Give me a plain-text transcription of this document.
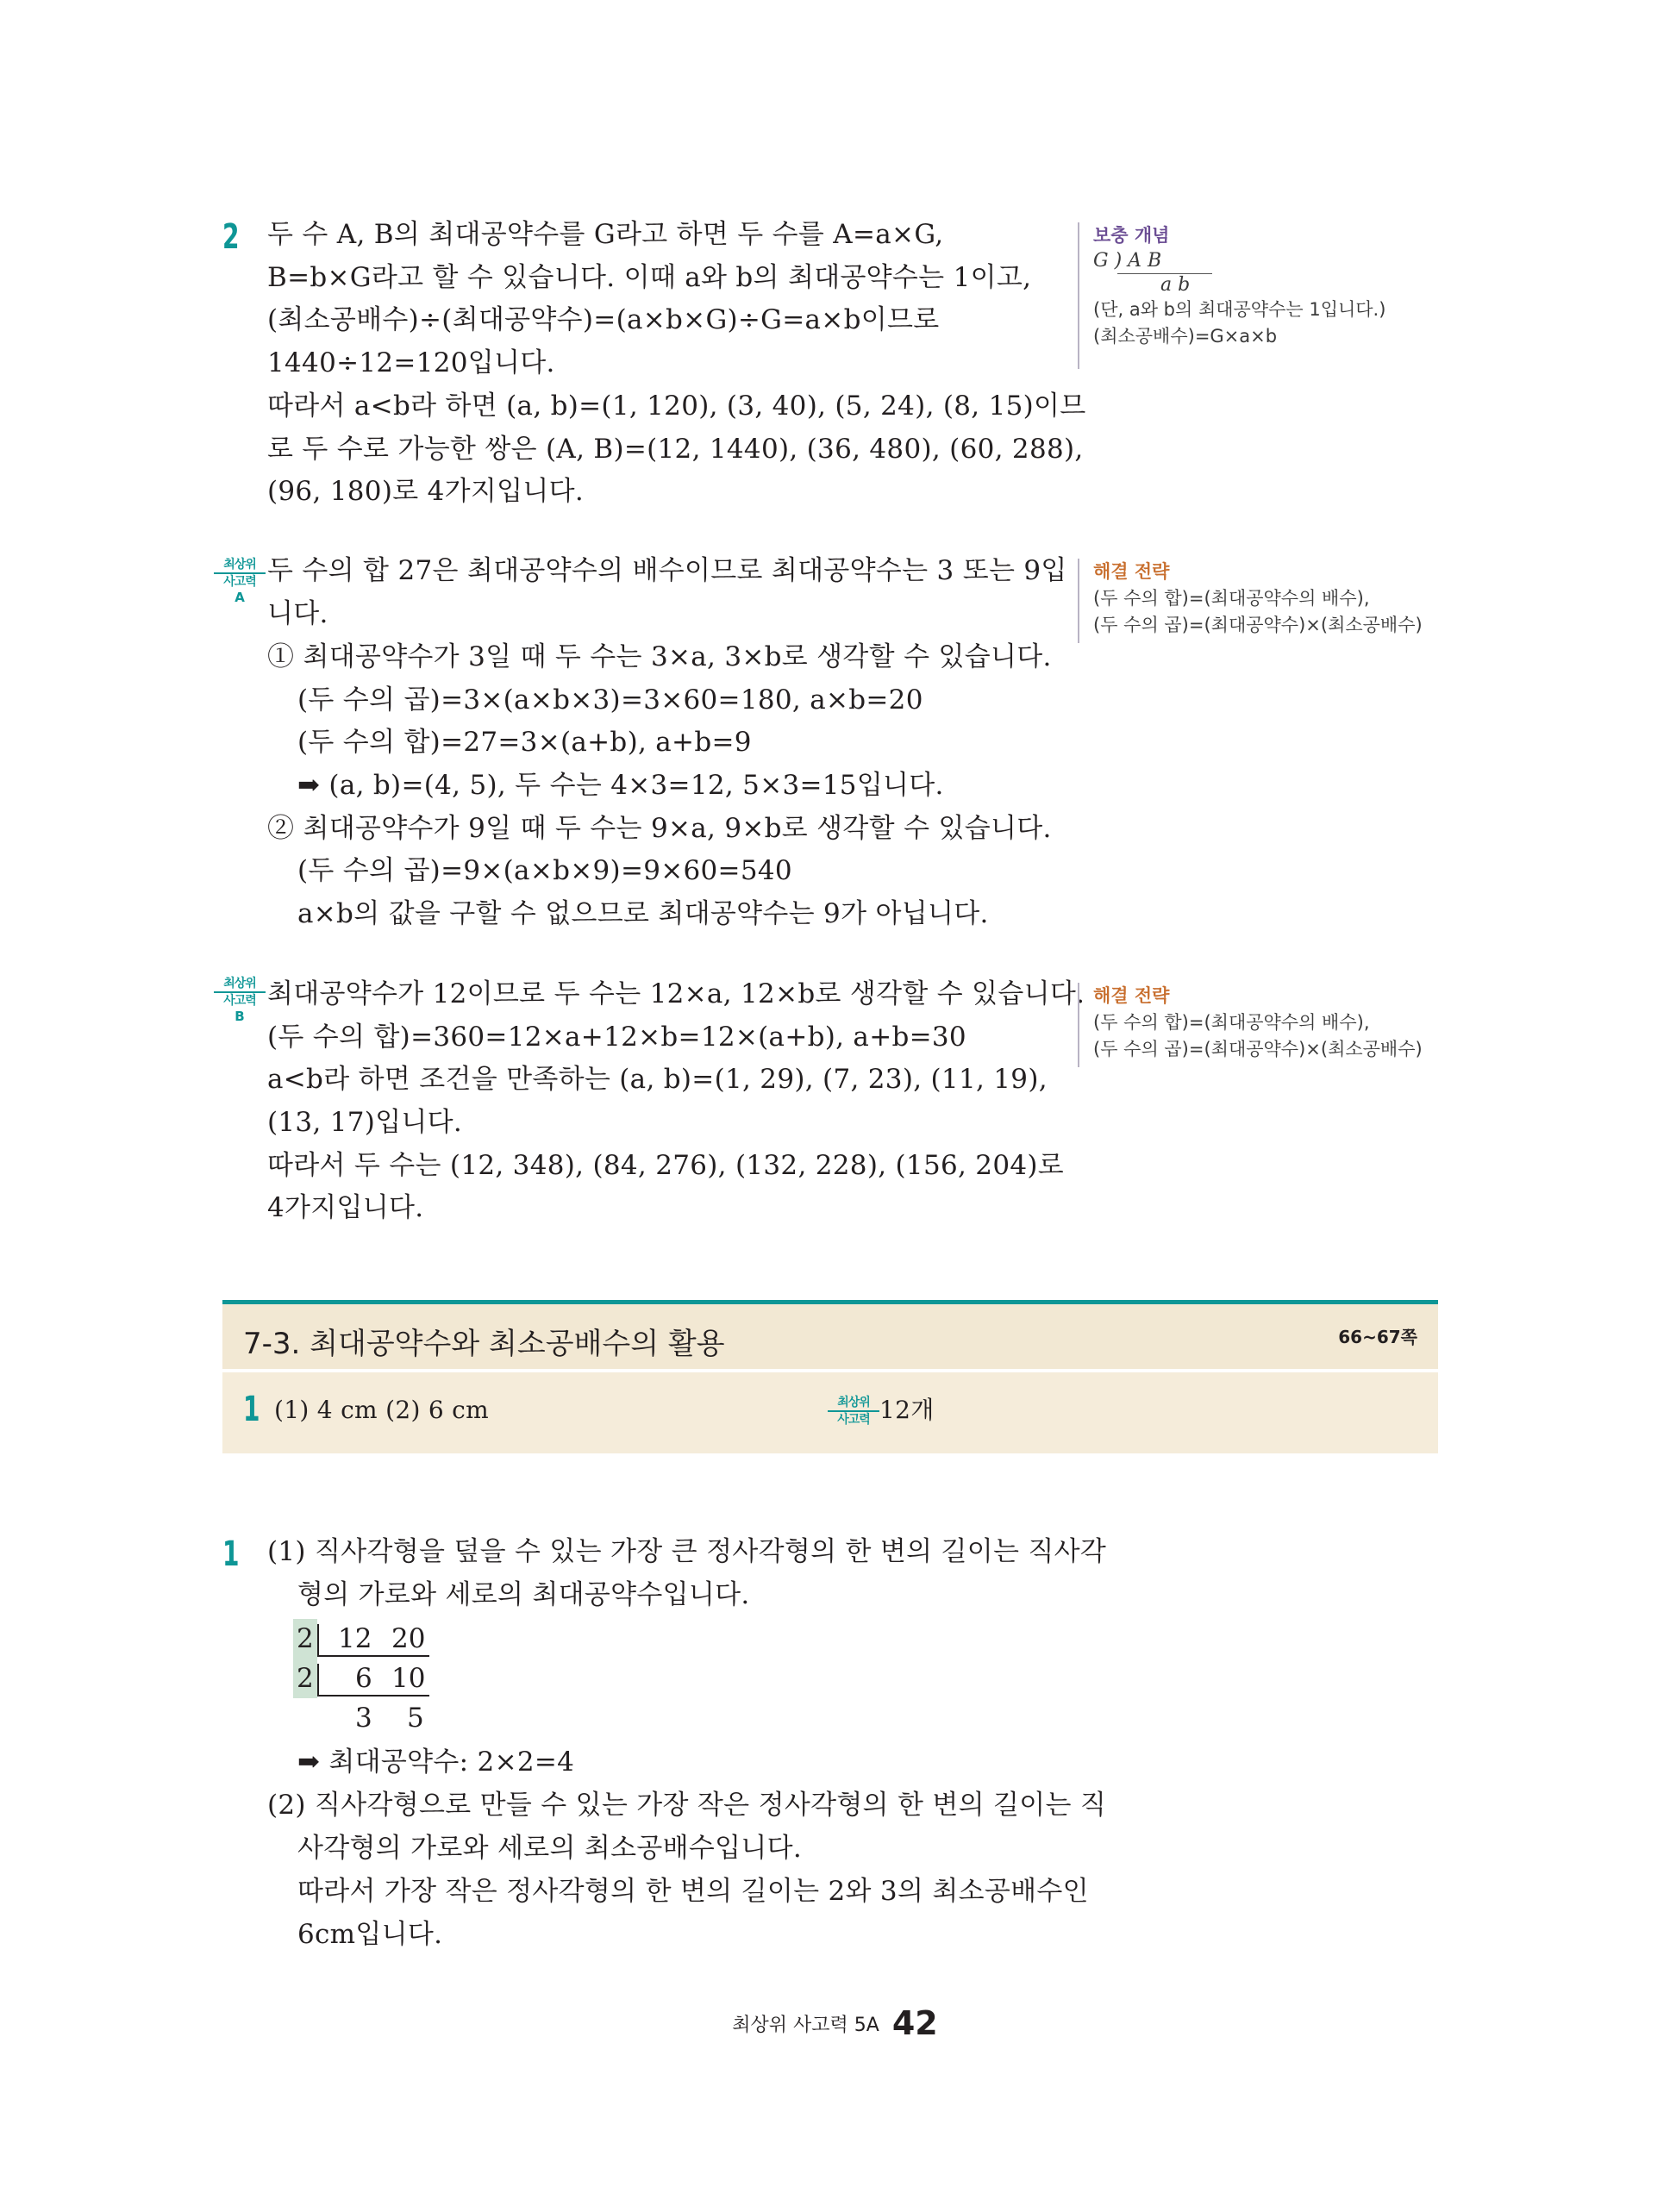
2 두 수 A, B의 최대공약수를 G라고 하면 두 수를 A=a×G,
B=b×G라고 할 수 있습니다. 이때 a와 b의 최대공약수는 1이고,
(최소공배수)÷(최대공약수)=(a×b×G)÷G=a×b이므로
1440÷12=120입니다.
따라서 a<b라 하면 (a, b)=(1, 120), (3, 40), (5, 24), (8, 15)이므
로 두 수로 가능한 쌍은 (A, B)=(12, 1440), (36, 480), (60, 288),
(96, 180)로 4가지입니다.
보충 개념
G ) A B
a b
(단, a와 b의 최대공약수는 1입니다.)
(최소공배수)=G×a×b
최상위
사고력
A
두 수의 합 27은 최대공약수의 배수이므로 최대공약수는 3 또는 9입
니다.
① 최대공약수가 3일 때 두 수는 3×a, 3×b로 생각할 수 있습니다.
(두 수의 곱)=3×(a×b×3)=3×60=180, a×b=20
(두 수의 합)=27=3×(a+b), a+b=9
➡ (a, b)=(4, 5), 두 수는 4×3=12, 5×3=15입니다.
② 최대공약수가 9일 때 두 수는 9×a, 9×b로 생각할 수 있습니다.
(두 수의 곱)=9×(a×b×9)=9×60=540
a×b의 값을 구할 수 없으므로 최대공약수는 9가 아닙니다.
해결 전략
(두 수의 합)=(최대공약수의 배수),
(두 수의 곱)=(최대공약수)×(최소공배수)
최상위
사고력
B
최대공약수가 12이므로 두 수는 12×a, 12×b로 생각할 수 있습니다.
(두 수의 합)=360=12×a+12×b=12×(a+b), a+b=30
a<b라 하면 조건을 만족하는 (a, b)=(1, 29), (7, 23), (11, 19),
(13, 17)입니다.
따라서 두 수는 (12, 348), (84, 276), (132, 228), (156, 204)로
4가지입니다.
해결 전략
(두 수의 합)=(최대공약수의 배수),
(두 수의 곱)=(최대공약수)×(최소공배수)
7-3. 최대공약수와 최소공배수의 활용	66~67쪽
1 (1) 4 cm (2) 6 cm	최상위
사고력 12개
1 (1) 직사각형을 덮을 수 있는 가장 큰 정사각형의 한 변의 길이는 직사각
형의 가로와 세로의 최대공약수입니다.
2 12 20
2 6 10
3 5
➡ 최대공약수: 2×2=4
(2) 직사각형으로 만들 수 있는 가장 작은 정사각형의 한 변의 길이는 직
사각형의 가로와 세로의 최소공배수입니다.
따라서 가장 작은 정사각형의 한 변의 길이는 2와 3의 최소공배수인
6cm입니다.
최상위 사고력 5A 42
